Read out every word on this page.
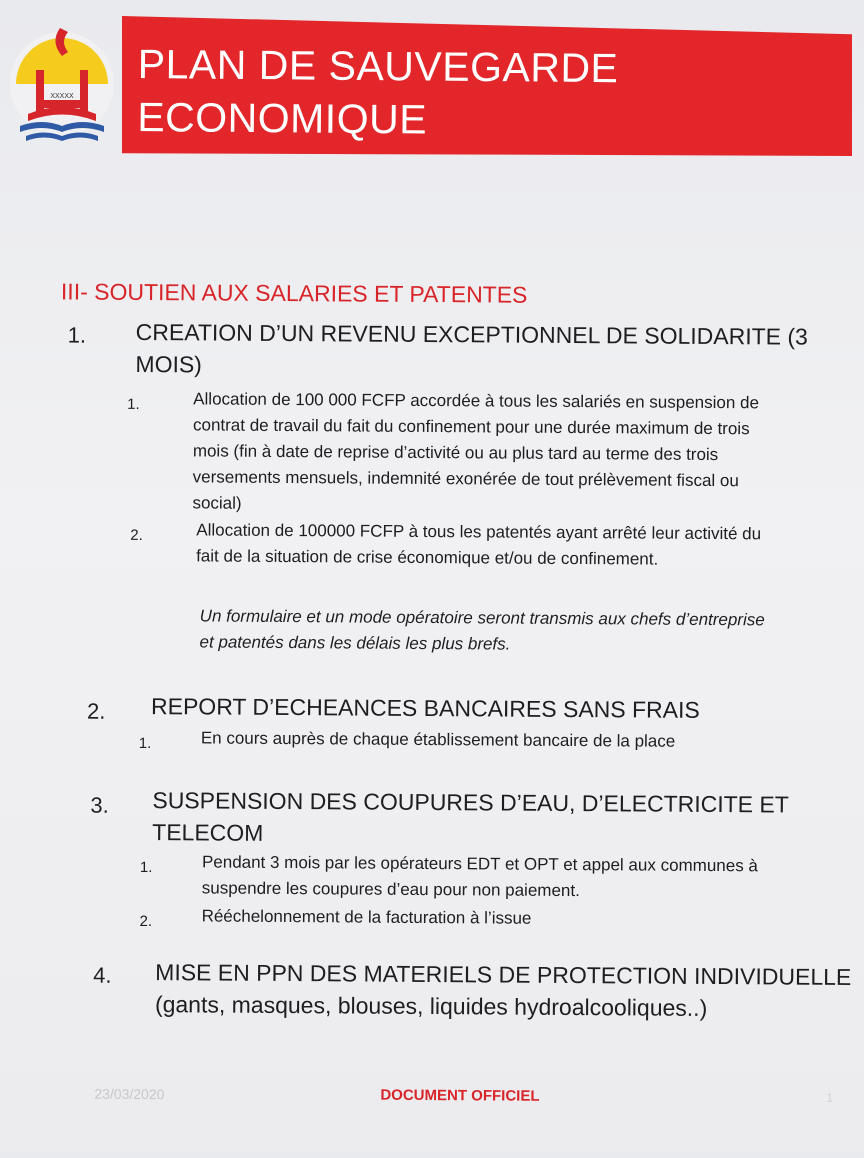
XXXXX
PLAN DE SAUVEGARDE
ECONOMIQUE
III- SOUTIEN AUX SALARIES ET PATENTES
1. CREATION D’UN REVENU EXCEPTIONNEL DE SOLIDARITE (3
MOIS)
1.	Allocation de 100 000 FCFP accordée à tous les salariés en suspension de
contrat de travail du fait du confinement pour une durée maximum de trois
mois (fin à date de reprise d’activité ou au plus tard au terme des trois
versements mensuels, indemnité exonérée de tout prélèvement fiscal ou
social)
2.	Allocation de 100000 FCFP à tous les patentés ayant arrêté leur activité du
fait de la situation de crise économique et/ou de confinement.
Un formulaire et un mode opératoire seront transmis aux chefs d’entreprise
et patentés dans les délais les plus brefs.
2. REPORT D’ECHEANCES BANCAIRES SANS FRAIS
1.	En cours auprès de chaque établissement bancaire de la place
3. SUSPENSION DES COUPURES D’EAU, D’ELECTRICITE ET
TELECOM
1.	Pendant 3 mois par les opérateurs EDT et OPT et appel aux communes à
suspendre les coupures d’eau pour non paiement.
2.	Rééchelonnement de la facturation à l’issue
4. MISE EN PPN DES MATERIELS DE PROTECTION INDIVIDUELLE
(gants, masques, blouses, liquides hydroalcooliques..)
23/03/2020	DOCUMENT OFFICIEL	1
